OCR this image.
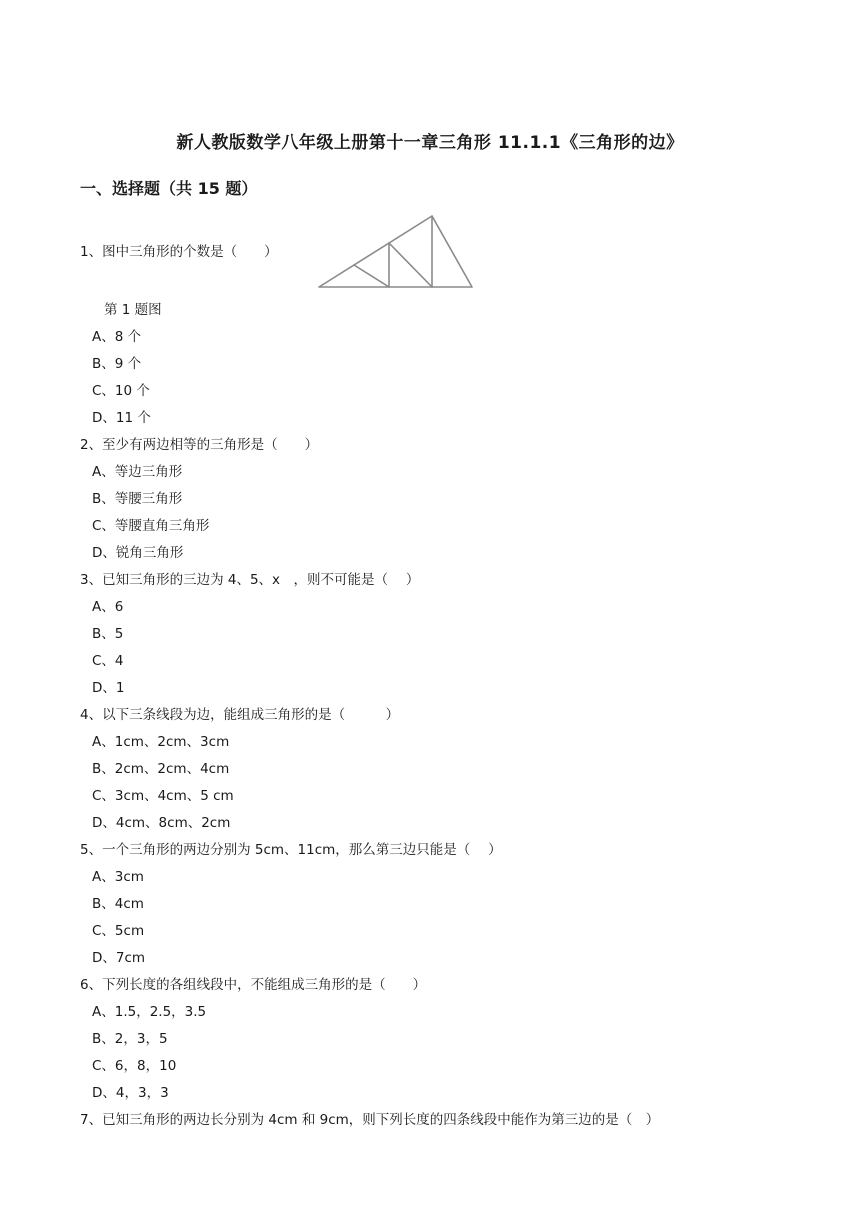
新人教版数学八年级上册第十一章三角形 11.1.1《三角形的边》
一、选择题（共 15 题）
1、图中三角形的个数是（　　）
第 1 题图
A、8 个
B、9 个
C、10 个
D、11 个
2、至少有两边相等的三角形是（　　）
A、等边三角形
B、等腰三角形
C、等腰直角三角形
D、锐角三角形
3、已知三角形的三边为 4、5、x　，则不可能是（　 ）
A、6
B、5
C、4
D、1
4、以下三条线段为边，能组成三角形的是（　　　）
A、1cm、2cm、3cm
B、2cm、2cm、4cm
C、3cm、4cm、5 cm
D、4cm、8cm、2cm
5、一个三角形的两边分别为 5cm、11cm，那么第三边只能是（　 ）
A、3cm
B、4cm
C、5cm
D、7cm
6、下列长度的各组线段中，不能组成三角形的是（　　）
A、1.5，2.5，3.5
B、2，3，5
C、6，8，10
D、4，3，3
7、已知三角形的两边长分别为 4cm 和 9cm，则下列长度的四条线段中能作为第三边的是（　）
